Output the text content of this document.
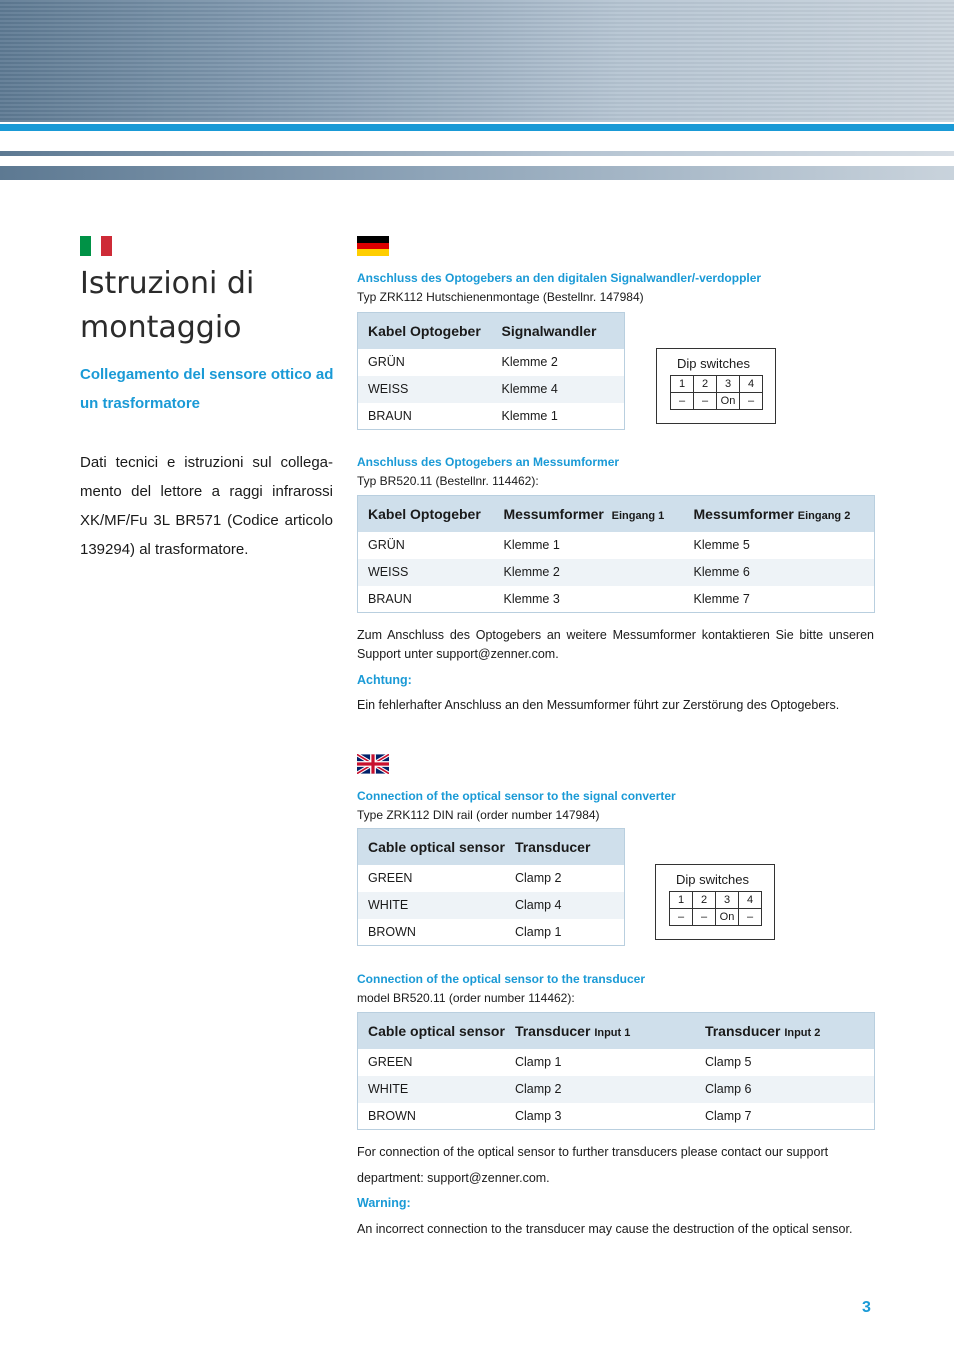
Istruzioni di montaggio
Collegamento del sensore ottico ad un trasformatore

Dati tecnici e istruzioni sul collega-mento del lettore a raggi infrarossi XK/MF/Fu 3L BR571 (Codice articolo 139294) al trasformatore.

Anschluss des Optogebers an den digitalen Signalwandler/-verdoppler
Typ ZRK112 Hutschienenmontage (Bestellnr. 147984)
Kabel Optogeber	Signalwandler
GRÜN	Klemme 2
WEISS	Klemme 4
BRAUN	Klemme 1
Dip switches
1	2	3	4
–	–	On	–
Anschluss des Optogebers an Messumformer
Typ BR520.11 (Bestellnr. 114462):
Kabel Optogeber	Messumformer Eingang 1	Messumformer Eingang 2
GRÜN	Klemme 1	Klemme 5
WEISS	Klemme 2	Klemme 6
BRAUN	Klemme 3	Klemme 7

Zum Anschluss des Optogebers an weitere Messumformer kontaktieren Sie bitte unseren Support unter support@zenner.com.

Achtung:
Ein fehlerhafter Anschluss an den Messumformer führt zur Zerstörung des Optogebers.
Connection of the optical sensor to the signal converter
Type ZRK112 DIN rail (order number 147984)
Cable optical sensor	Transducer
GREEN	Clamp 2
WHITE	Clamp 4
BROWN	Clamp 1
Dip switches
1	2	3	4
–	–	On	–
Connection of the optical sensor to the transducer
model BR520.11 (order number 114462):
Cable optical sensor	Transducer Input 1	Transducer Input 2
GREEN	Clamp 1	Clamp 5
WHITE	Clamp 2	Clamp 6
BROWN	Clamp 3	Clamp 7
For connection of the optical sensor to further transducers please contact our support
department: support@zenner.com.
Warning:
An incorrect connection to the transducer may cause the destruction of the optical sensor.
3
